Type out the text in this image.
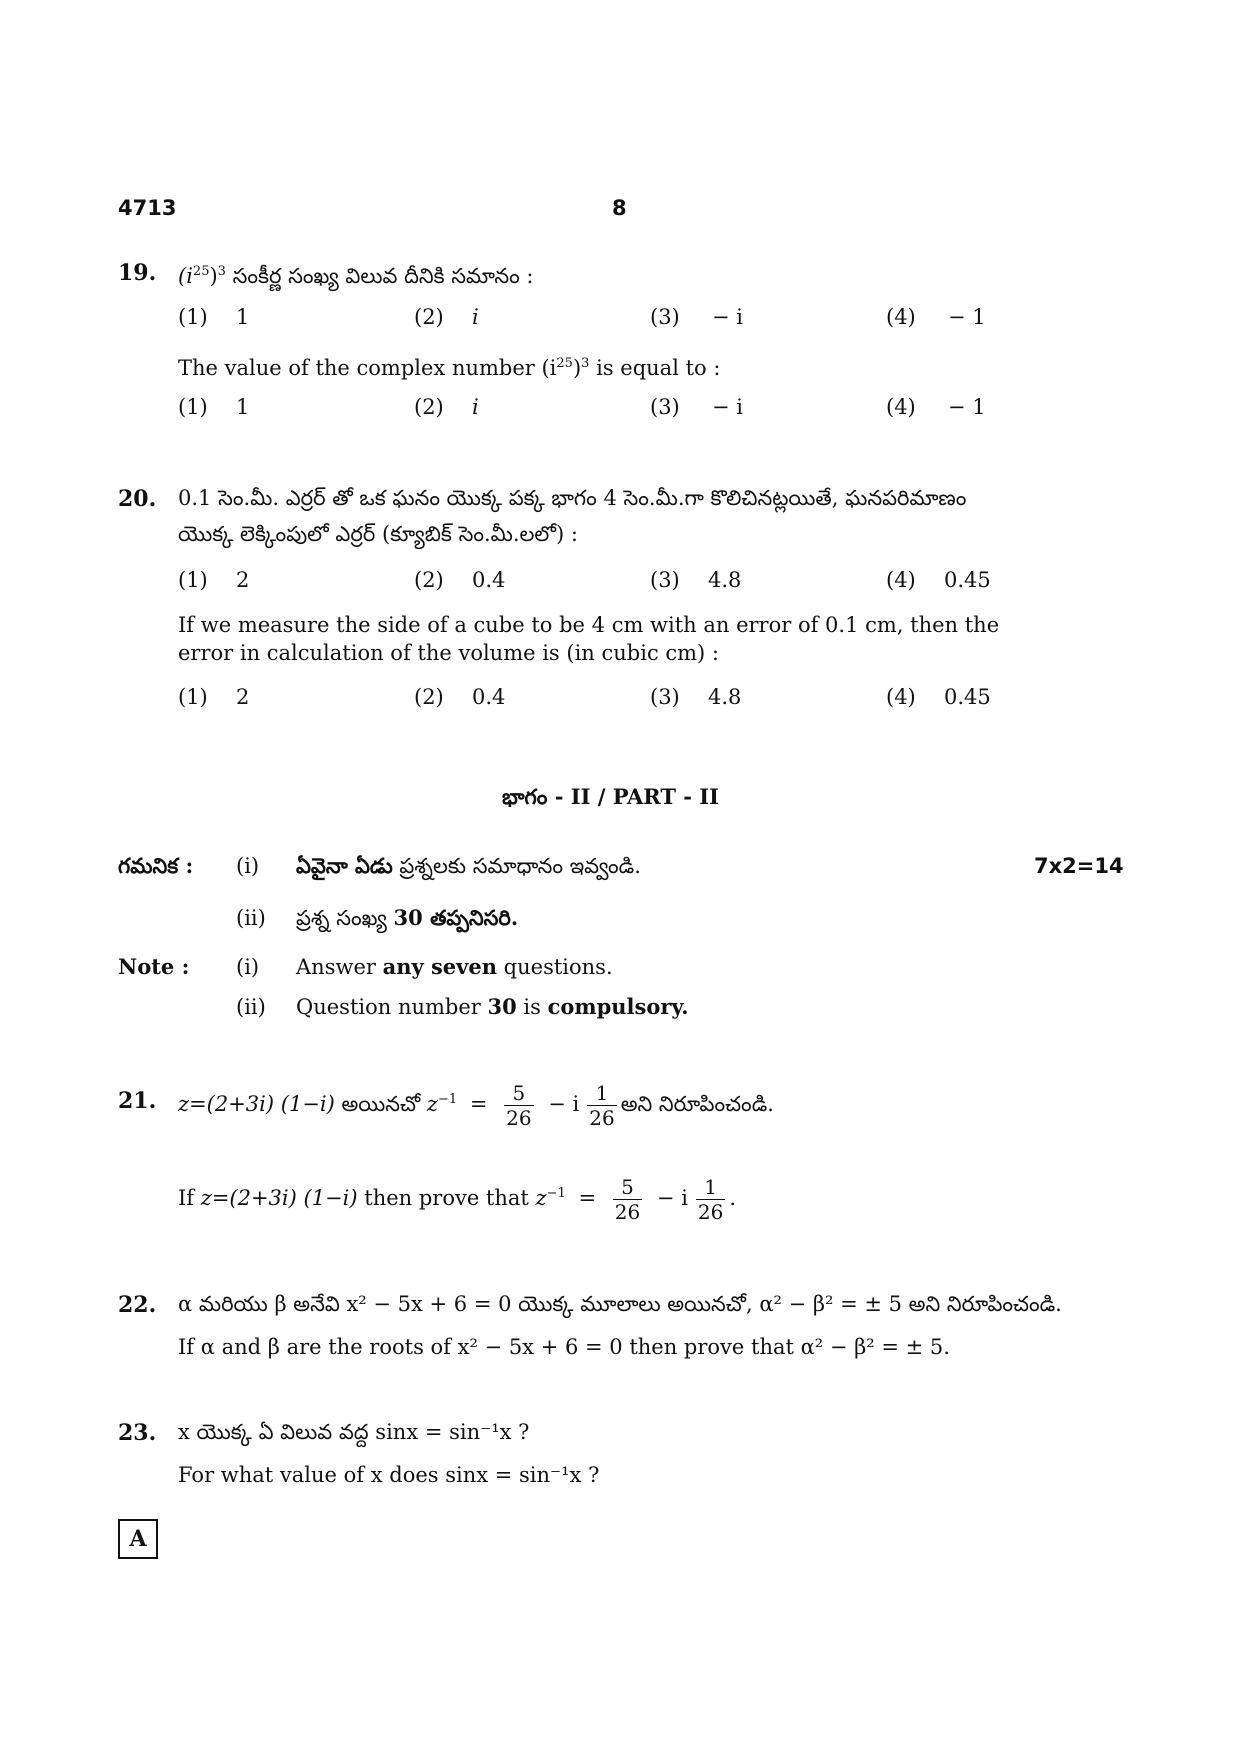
4713	8
19. $(i^{25})^3$ సంకీర్ణ సంఖ్య విలువ దీనికి సమానం :
(1) 1	(2) i	(3) − i	(4) − 1
The value of the complex number $(i^{25})^3$ is equal to :
(1) 1	(2) i	(3) − i	(4) − 1
20. 0.1 సెం.మీ. ఎర్రర్ తో ఒక ఘనం యొక్క పక్క భాగం 4 సెం.మీ.గా కొలిచినట్లయితే, ఘనపరిమాణం
యొక్క లెక్కింపులో ఎర్రర్ (క్యూబిక్ సెం.మీ.లలో) :
(1) 2	(2) 0.4	(3) 4.8	(4) 0.45
If we measure the side of a cube to be 4 cm with an error of 0.1 cm, then the
error in calculation of the volume is (in cubic cm) :
(1) 2	(2) 0.4	(3) 4.8	(4) 0.45
భాగం - II / PART - II
గమనిక : (i) ఏవైనా ఏడు ప్రశ్నలకు సమాధానం ఇవ్వండి.	7x2=14
(ii) ప్రశ్న సంఖ్య 30 తప్పనిసరి.
Note : (i) Answer any seven questions.
(ii) Question number 30 is compulsory.
21. z=(2+3i) (1−i) అయినచో $z^{-1} = \frac{5}{26} - i \frac{1}{26}$ అని నిరూపించండి.
If z=(2+3i) (1−i) then prove that $z^{-1} = \frac{5}{26} - i \frac{1}{26}$ .
22. α మరియు β అనేవి x² − 5x + 6 = 0 యొక్క మూలాలు అయినచో, α² − β² = ± 5 అని నిరూపించండి.
If α and β are the roots of x² − 5x + 6 = 0 then prove that α² − β² = ± 5.
23. x యొక్క ఏ విలువ వద్ద sinx = sin⁻¹x ?
For what value of x does sinx = sin⁻¹x ?
A
